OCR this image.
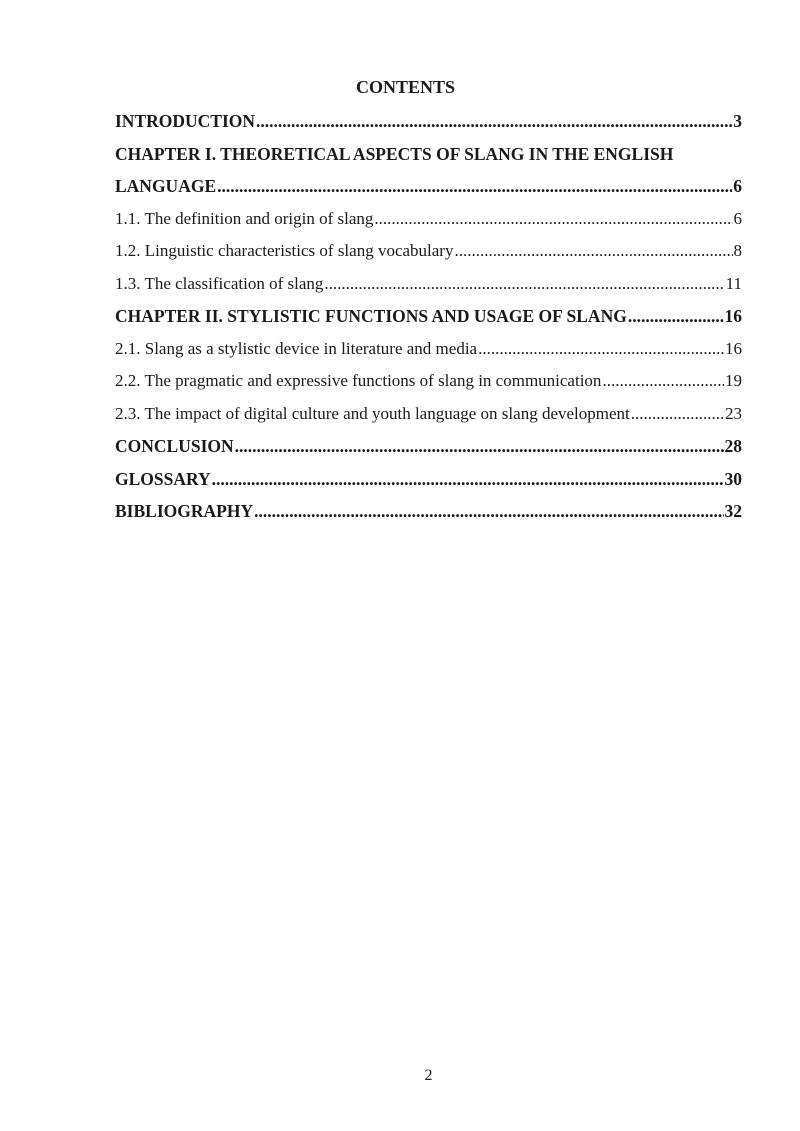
CONTENTS
INTRODUCTION .....	3
CHAPTER I. THEORETICAL ASPECTS OF SLANG IN THE ENGLISH
LANGUAGE .....	6
1.1. The definition and origin of slang .....	6
1.2. Linguistic characteristics of slang vocabulary .....	8
1.3. The classification of slang .....	11
CHAPTER II. STYLISTIC FUNCTIONS AND USAGE OF SLANG .....	16
2.1. Slang as a stylistic device in literature and media .....	16
2.2. The pragmatic and expressive functions of slang in communication .....	19
2.3. The impact of digital culture and youth language on slang development .....	23
CONCLUSION .....	28
GLOSSARY .....	30
BIBLIOGRAPHY .....	32
2
